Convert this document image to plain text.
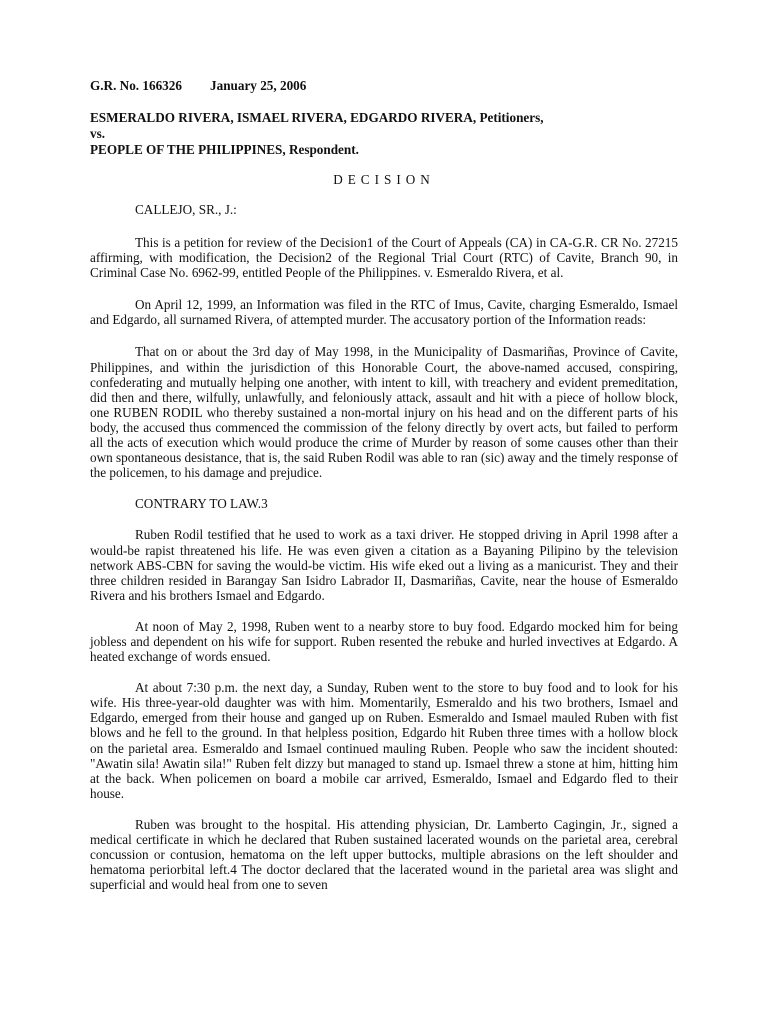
G.R. No. 166326 January 25, 2006
ESMERALDO RIVERA, ISMAEL RIVERA, EDGARDO RIVERA, Petitioners,
vs.
PEOPLE OF THE PHILIPPINES, Respondent.
DECISION
CALLEJO, SR., J.:

This is a petition for review of the Decision1 of the Court of Appeals (CA) in CA-G.R. CR No. 27215 affirming, with modification, the Decision2 of the Regional Trial Court (RTC) of Cavite, Branch 90, in Criminal Case No. 6962-99, entitled People of the Philippines. v. Esmeraldo Rivera, et al.

On April 12, 1999, an Information was filed in the RTC of Imus, Cavite, charging Esmeraldo, Ismael and Edgardo, all surnamed Rivera, of attempted murder. The accusatory portion of the Information reads:

That on or about the 3rd day of May 1998, in the Municipality of Dasmariñas, Province of Cavite, Philippines, and within the jurisdiction of this Honorable Court, the above-named accused, conspiring, confederating and mutually helping one another, with intent to kill, with treachery and evident premeditation, did then and there, wilfully, unlawfully, and feloniously attack, assault and hit with a piece of hollow block, one RUBEN RODIL who thereby sustained a non-mortal injury on his head and on the different parts of his body, the accused thus commenced the commission of the felony directly by overt acts, but failed to perform all the acts of execution which would produce the crime of Murder by reason of some causes other than their own spontaneous desistance, that is, the said Ruben Rodil was able to ran (sic) away and the timely response of the policemen, to his damage and prejudice.

CONTRARY TO LAW.3

Ruben Rodil testified that he used to work as a taxi driver. He stopped driving in April 1998 after a would-be rapist threatened his life. He was even given a citation as a Bayaning Pilipino by the television network ABS-CBN for saving the would-be victim. His wife eked out a living as a manicurist. They and their three children resided in Barangay San Isidro Labrador II, Dasmariñas, Cavite, near the house of Esmeraldo Rivera and his brothers Ismael and Edgardo.

At noon of May 2, 1998, Ruben went to a nearby store to buy food. Edgardo mocked him for being jobless and dependent on his wife for support. Ruben resented the rebuke and hurled invectives at Edgardo. A heated exchange of words ensued.

At about 7:30 p.m. the next day, a Sunday, Ruben went to the store to buy food and to look for his wife. His three-year-old daughter was with him. Momentarily, Esmeraldo and his two brothers, Ismael and Edgardo, emerged from their house and ganged up on Ruben. Esmeraldo and Ismael mauled Ruben with fist blows and he fell to the ground. In that helpless position, Edgardo hit Ruben three times with a hollow block on the parietal area. Esmeraldo and Ismael continued mauling Ruben. People who saw the incident shouted: "Awatin sila! Awatin sila!" Ruben felt dizzy but managed to stand up. Ismael threw a stone at him, hitting him at the back. When policemen on board a mobile car arrived, Esmeraldo, Ismael and Edgardo fled to their house.

Ruben was brought to the hospital. His attending physician, Dr. Lamberto Cagingin, Jr., signed a medical certificate in which he declared that Ruben sustained lacerated wounds on the parietal area, cerebral concussion or contusion, hematoma on the left upper buttocks, multiple abrasions on the left shoulder and hematoma periorbital left.4 The doctor declared that the lacerated wound in the parietal area was slight and superficial and would heal from one to seven
